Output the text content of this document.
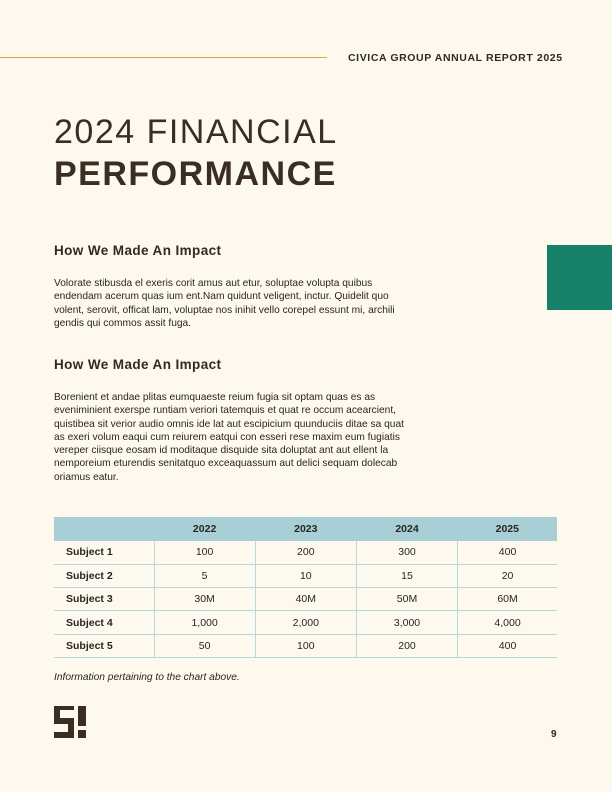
CIVICA GROUP ANNUAL REPORT 2025
2024 FINANCIAL
PERFORMANCE
How We Made An Impact

Volorate stibusda el exeris corit amus aut etur, soluptae volupta quibus endendam acerum quas ium ent.Nam quidunt veligent, inctur. Quidelit quo volent, serovit, officat lam, voluptae nos inihit vello corepel essunt mi, archili gendis qui commos assit fuga.

How We Made An Impact

Borenient et andae plitas eumquaeste reium fugia sit optam quas es as eveniminient exerspe runtiam veriori tatemquis et quat re occum acearcient, quistibea sit verior audio omnis ide lat aut escipicium quunduciis ditae sa quat as exeri volum eaqui cum reiurem eatqui con esseri rese maxim eum fugiatis vereper ciisque eosam id moditaque disquide sita doluptat ant aut ellent la nemporeium eturendis senitatquo exceaquassum aut delici sequam dolecab oriamus eatur.

	2022	2023	2024	2025
Subject 1	100	200	300	400
Subject 2	5	10	15	20
Subject 3	30M	40M	50M	60M
Subject 4	1,000	2,000	3,000	4,000
Subject 5	50	100	200	400

Information pertaining to the chart above.

9
